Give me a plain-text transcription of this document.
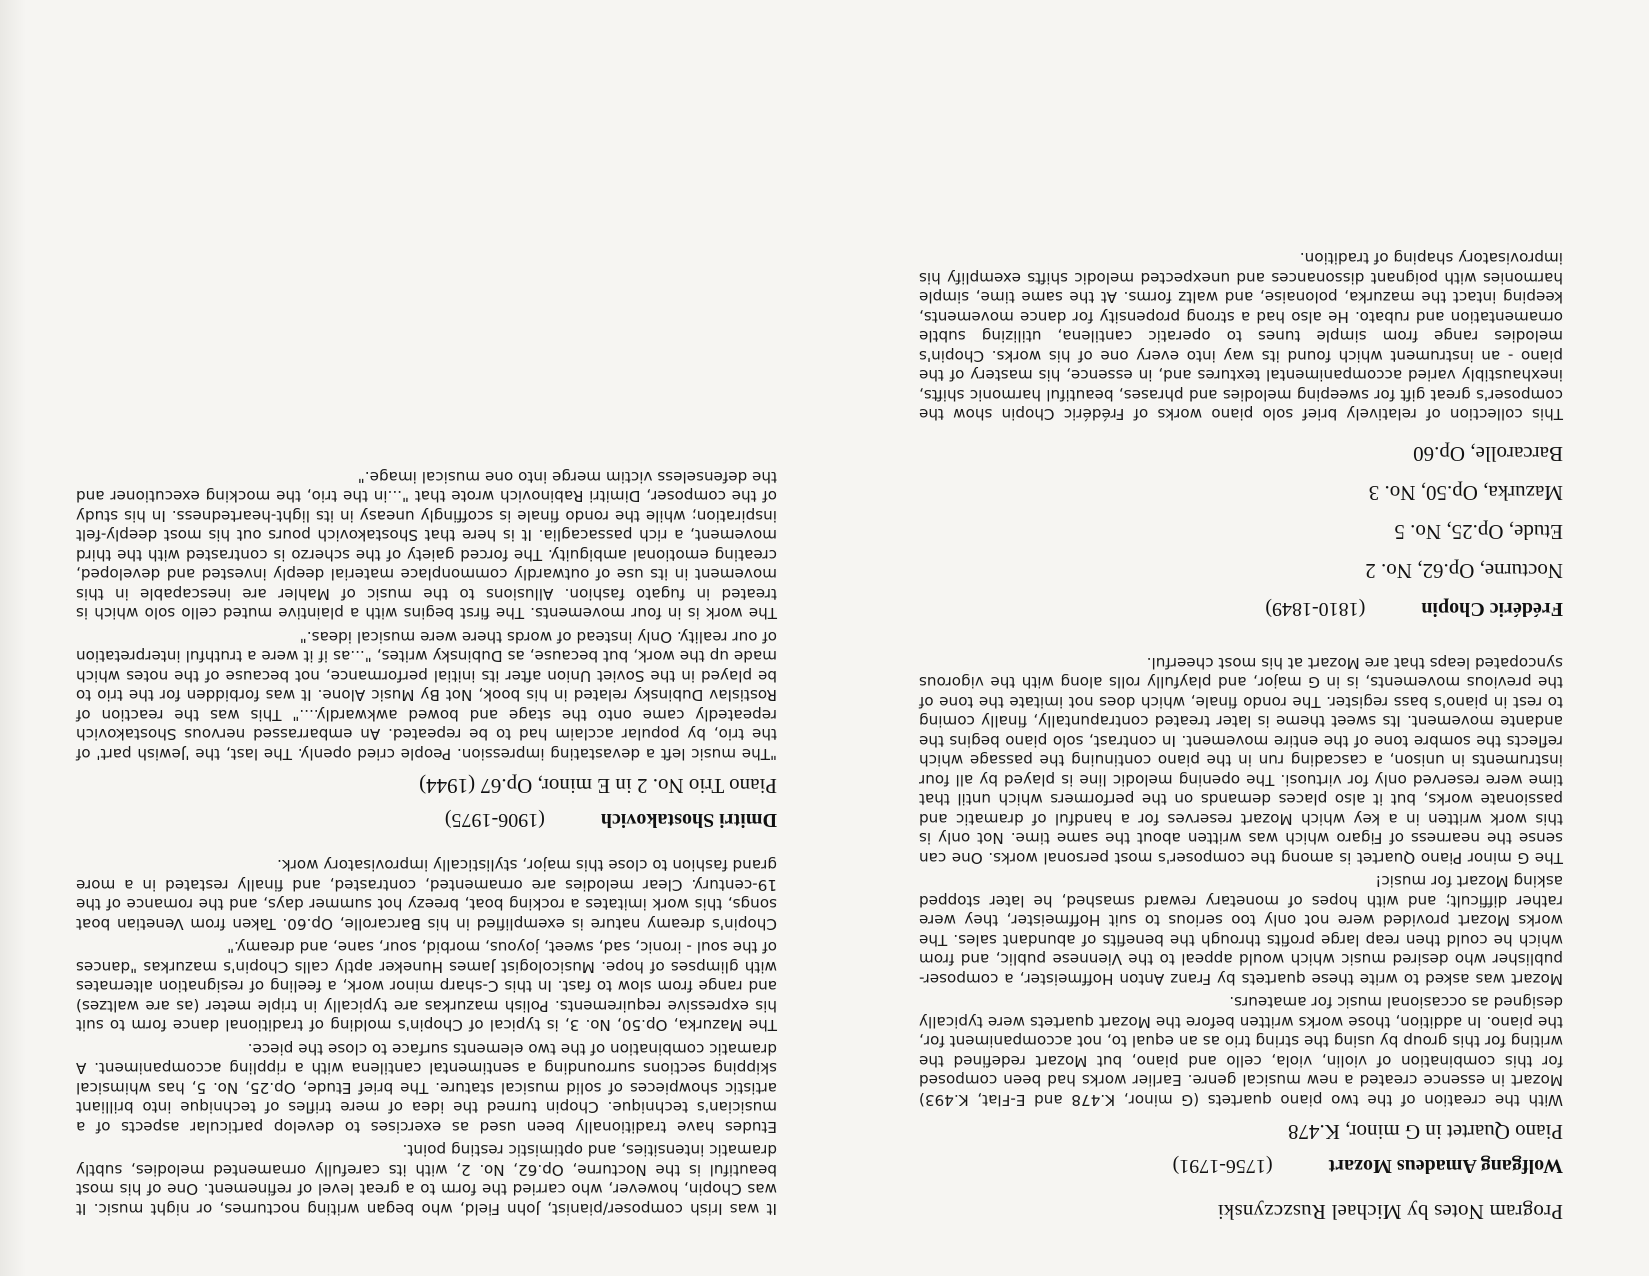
Program Notes by Michael Ruszczynski
Wolfgang Amadeus Mozart
(1756-1791)
Piano Quartet in G minor, K.478

With the creation of the two piano quartets (G minor, K.478 and E-Flat, K.493) Mozart in essence created a new musical genre. Earlier works had been composed for this combination of violin, viola, cello and piano, but Mozart redefined the writing for this group by using the string trio as an equal to, not accompaniment for, the piano. In addition, those works written before the Mozart quartets were typically designed as occasional music for amateurs.

Mozart was asked to write these quartets by Franz Anton Hoffmeister, a composer-publisher who desired music which would appeal to the Viennese public, and from which he could then reap large profits through the benefits of abundant sales. The works Mozart provided were not only too serious to suit Hoffmeister, they were rather difficult; and with hopes of monetary reward smashed, he later stopped asking Mozart for music!

The G minor Piano Quartet is among the composer's most personal works. One can sense the nearness of Figaro which was written about the same time. Not only is this work written in a key which Mozart reserves for a handful of dramatic and passionate works, but it also places demands on the performers which until that time were reserved only for virtuosi. The opening melodic line is played by all four instruments in unison, a cascading run in the piano continuing the passage which reflects the sombre tone of the entire movement. In contrast, solo piano begins the andante movement. Its sweet theme is later treated contrapuntally, finally coming to rest in piano's bass register. The rondo finale, which does not imitate the tone of the previous movements, is in G major, and playfully rolls along with the vigorous syncopated leaps that are Mozart at his most cheerful.

Frédéric Chopin
(1810-1849)
Nocturne, Op.62, No. 2
Etude, Op.25, No. 5
Mazurka, Op.50, No. 3
Barcarolle, Op.60

This collection of relatively brief solo piano works of Frédéric Chopin show the composer's great gift for sweeping melodies and phrases, beautiful harmonic shifts, inexhaustibly varied accompanimental textures and, in essence, his mastery of the piano - an instrument which found its way into every one of his works. Chopin's melodies range from simple tunes to operatic cantilena, utilizing subtle ornamentation and rubato. He also had a strong propensity for dance movements, keeping intact the mazurka, polonaise, and waltz forms. At the same time, simple harmonies with poignant dissonances and unexpected melodic shifts exemplify his improvisatory shaping of tradition.

It was Irish composer/pianist, John Field, who began writing nocturnes, or night music. It was Chopin, however, who carried the form to a great level of refinement. One of his most beautiful is the Nocturne, Op.62, No. 2, with its carefully ornamented melodies, subtly dramatic intensities, and optimistic resting point.

Etudes have traditionally been used as exercises to develop particular aspects of a musician's technique. Chopin turned the idea of mere trifles of technique into brilliant artistic showpieces of solid musical stature. The brief Etude, Op.25, No. 5, has whimsical skipping sections surrounding a sentimental cantilena with a rippling accompaniment. A dramatic combination of the two elements surface to close the piece.

The Mazurka, Op.50, No. 3, is typical of Chopin's molding of traditional dance form to suit his expressive requirements. Polish mazurkas are typically in triple meter (as are waltzes) and range from slow to fast. In this C-sharp minor work, a feeling of resignation alternates with glimpses of hope. Musicologist James Huneker aptly calls Chopin's mazurkas "dances of the soul - ironic, sad, sweet, joyous, morbid, sour, sane, and dreamy."

Chopin's dreamy nature is exemplified in his Barcarolle, Op.60. Taken from Venetian boat songs, this work imitates a rocking boat, breezy hot summer days, and the romance of the 19-century. Clear melodies are ornamented, contrasted, and finally restated in a more grand fashion to close this major, stylistically improvisatory work.

Dmitri Shostakovich
(1906-1975)
Piano Trio No. 2 in E minor, Op.67 (1944)

"The music left a devastating impression. People cried openly. The last, the 'Jewish part' of the trio, by popular acclaim had to be repeated. An embarrassed nervous Shostakovich repeatedly came onto the stage and bowed awkwardly...." This was the reaction of Rostislav Dubinsky related in his book, Not By Music Alone. It was forbidden for the trio to be played in the Soviet Union after its initial performance, not because of the notes which made up the work, but because, as Dubinsky writes, "...as if it were a truthful interpretation of our reality. Only instead of words there were musical ideas."

The work is in four movements. The first begins with a plaintive muted cello solo which is treated in fugato fashion. Allusions to the music of Mahler are inescapable in this movement in its use of outwardly commonplace material deeply invested and developed, creating emotional ambiguity. The forced gaiety of the scherzo is contrasted with the third movement, a rich passacaglia. It is here that Shostakovich pours out his most deeply-felt inspiration; while the rondo finale is scoffingly uneasy in its light-heartedness. In his study of the composer, Dimitri Rabinovich wrote that "...in the trio, the mocking executioner and the defenseless victim merge into one musical image."
